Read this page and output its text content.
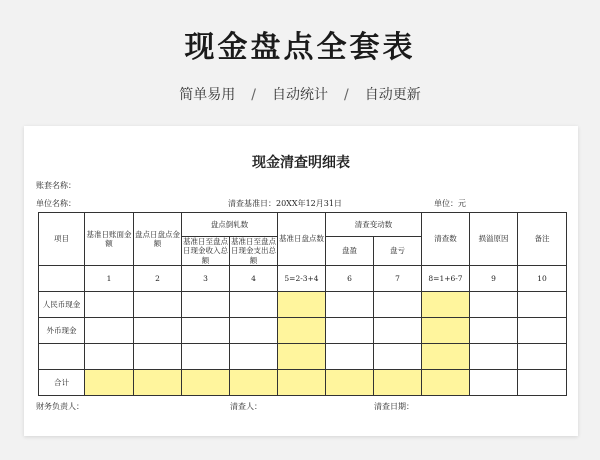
现金盘点全套表
简单易用 / 自动统计 / 自动更新
现金清查明细表
账套名称：
单位名称：	清查基准日：20XX年12月31日	单位：元
项目	基准日账面金额	盘点日盘点金额	盘点倒轧数		基准日盘点数	清查变动数		清查数	损溢原因	备注
			基准日至盘点日现金收入总额	基准日至盘点日现金支出总额		盘盈	盘亏			
	1	2	3	4	5=2-3+4	6	7	8=1+6-7	9	10
人民币现金										
外币现金										

合计										
财务负责人：	清查人：	清查日期：
